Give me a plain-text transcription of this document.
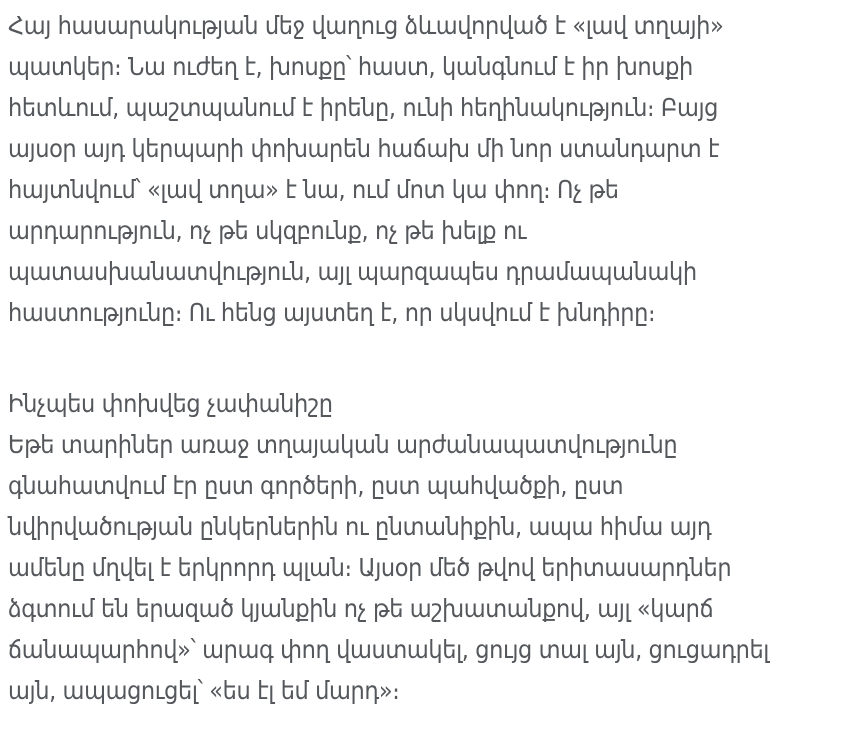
Հայ հասարակության մեջ վաղուց ձևավորված է «լավ տղայի»
պատկեր։ Նա ուժեղ է, խոսքը՝ հաստ, կանգնում է իր խոսքի
հետևում, պաշտպանում է իրենը, ունի հեղինակություն։ Բայց
այսօր այդ կերպարի փոխարեն հաճախ մի նոր ստանդարտ է
հայտնվում՝ «լավ տղա» է նա, ում մոտ կա փող։ Ոչ թե
արդարություն, ոչ թե սկզբունք, ոչ թե խելք ու
պատասխանատվություն, այլ պարզապես դրամապանակի
հաստությունը։ Ու հենց այստեղ է, որ սկսվում է խնդիրը։
Ինչպես փոխվեց չափանիշը
Եթե տարիներ առաջ տղայական արժանապատվությունը
գնահատվում էր ըստ գործերի, ըստ պահվածքի, ըստ
նվիրվածության ընկերներին ու ընտանիքին, ապա հիմա այդ
ամենը մղվել է երկրորդ պլան։ Այսօր մեծ թվով երիտասարդներ
ձգտում են երազած կյանքին ոչ թե աշխատանքով, այլ «կարճ
ճանապարհով»՝ արագ փող վաստակել, ցույց տալ այն, ցուցադրել
այն, ապացուցել՝ «ես էլ եմ մարդ»։
